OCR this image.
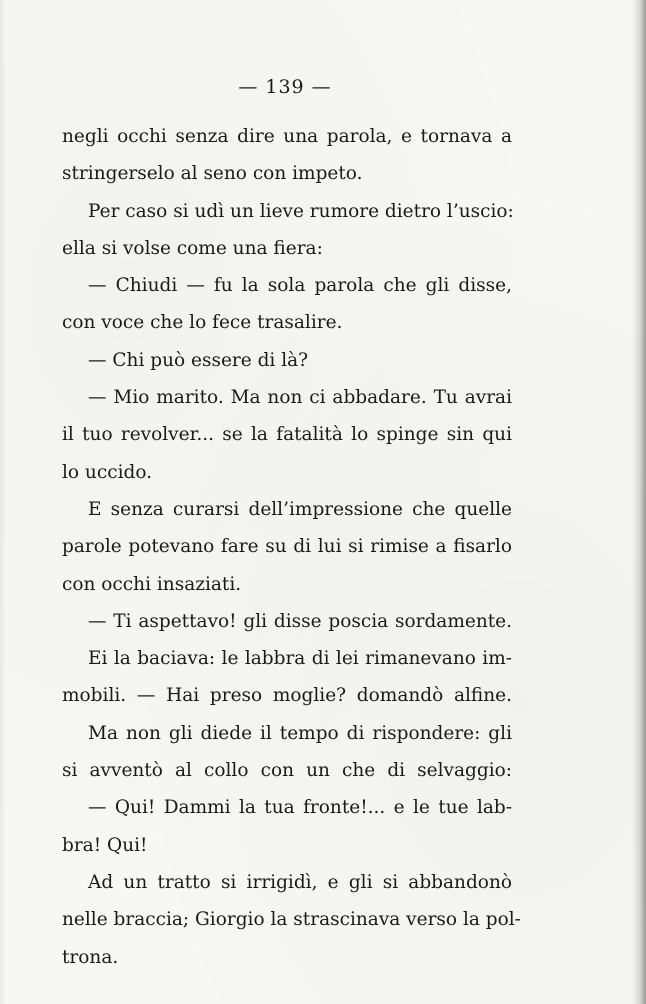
— 139 —
negli occhi senza dire una parola, e tornava a
stringerselo al seno con impeto.
Per caso si udì un lieve rumore dietro l’uscio:
ella si volse come una fiera:
— Chiudi — fu la sola parola che gli disse,
con voce che lo fece trasalire.
— Chi può essere di là?
— Mio marito. Ma non ci abbadare. Tu avrai
il tuo revolver... se la fatalità lo spinge sin qui
lo uccido.
E senza curarsi dell’impressione che quelle
parole potevano fare su di lui si rimise a fisarlo
con occhi insaziati.
— Ti aspettavo! gli disse poscia sordamente.
Ei la baciava: le labbra di lei rimanevano im-
mobili. — Hai preso moglie? domandò alfine.
Ma non gli diede il tempo di rispondere: gli
si avventò al collo con un che di selvaggio:
— Qui! Dammi la tua fronte!... e le tue lab-
bra! Qui!
Ad un tratto si irrigidì, e gli si abbandonò
nelle braccia; Giorgio la strascinava verso la pol-
trona.
